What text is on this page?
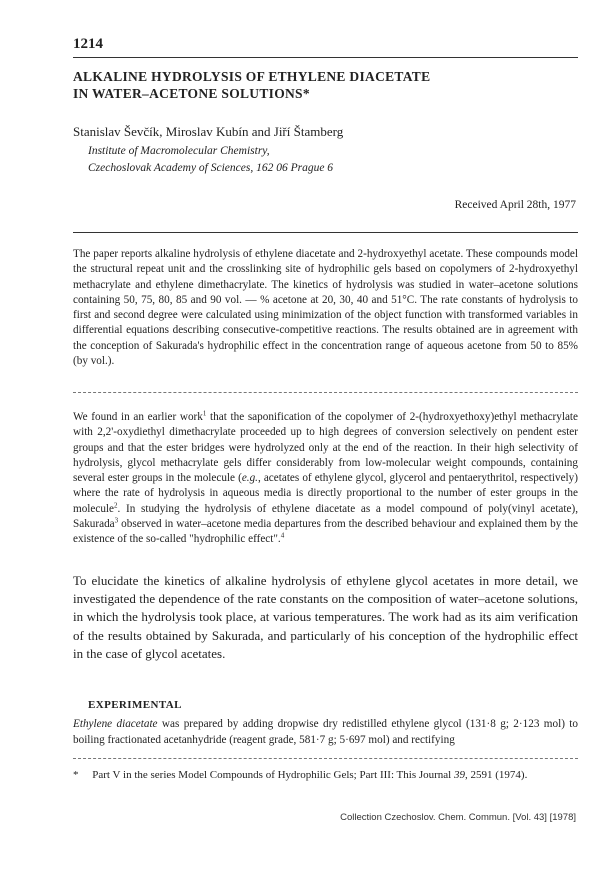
1214
ALKALINE HYDROLYSIS OF ETHYLENE DIACETATE
IN WATER–ACETONE SOLUTIONS*
Stanislav Ševčík, Miroslav Kubín and Jiří Štamberg
Institute of Macromolecular Chemistry,
Czechoslovak Academy of Sciences, 162 06 Prague 6
Received April 28th, 1977

The paper reports alkaline hydrolysis of ethylene diacetate and 2-hydroxyethyl acetate. These compounds model the structural repeat unit and the crosslinking site of hydrophilic gels based on copolymers of 2-hydroxyethyl methacrylate and ethylene dimethacrylate. The kinetics of hydrolysis was studied in water–acetone solutions containing 50, 75, 80, 85 and 90 vol. — % acetone at 20, 30, 40 and 51°C. The rate constants of hydrolysis to first and second degree were calculated using minimization of the object function with transformed variables in differential equations describing consecutive-competitive reactions. The results obtained are in agreement with the conception of Sakurada's hydrophilic effect in the concentration range of aqueous acetone from 50 to 85% (by vol.).

We found in an earlier work$^1$ that the saponification of the copolymer of 2-(hydroxyethoxy)ethyl methacrylate with 2,2'-oxydiethyl dimethacrylate proceeded up to high degrees of conversion selectively on pendent ester groups and that the ester bridges were hydrolyzed only at the end of the reaction. In their high selectivity of hydrolysis, glycol methacrylate gels differ considerably from low-molecular weight compounds, containing several ester groups in the molecule (e.g., acetates of ethylene glycol, glycerol and pentaerythritol, respectively) where the rate of hydrolysis in aqueous media is directly proportional to the number of ester groups in the molecule$^2$. In studying the hydrolysis of ethylene diacetate as a model compound of poly(vinyl acetate), Sakurada$^3$ observed in water–acetone media departures from the described behaviour and explained them by the existence of the so-called "hydrophilic effect".$^4$

To elucidate the kinetics of alkaline hydrolysis of ethylene glycol acetates in more detail, we investigated the dependence of the rate constants on the composition of water–acetone solutions, in which the hydrolysis took place, at various temperatures. The work had as its aim verification of the results obtained by Sakurada, and particularly of his conception of the hydrophilic effect in the case of glycol acetates.

EXPERIMENTAL

Ethylene diacetate was prepared by adding dropwise dry redistilled ethylene glycol (131·8 g; 2·123 mol) to boiling fractionated acetanhydride (reagent grade, 581·7 g; 5·697 mol) and rectifying

*     Part V in the series Model Compounds of Hydrophilic Gels; Part III: This Journal 39, 2591 (1974).

Collection Czechoslov. Chem. Commun. [Vol. 43] [1978]
